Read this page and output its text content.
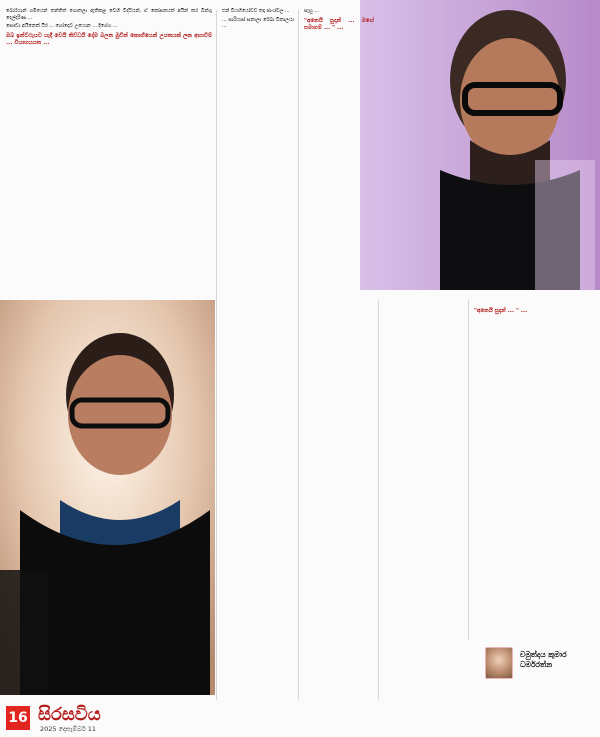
බොරියාන් ගමියෙන් තන්තිත් ගොතලා ඇතිකළ වෙහි විද්‍ථියන්, ඒ කෝපනයක් අයින් කර බින්ගු දෙල්දාරිණ ...

සෞඩා අයිනෙක් යිර ... ගෝදොට උයොන ... දිගේහ ...

ඔබ ඉන්ට්‍ථැයට යැදි වෙයි තිව්ධයි දෝම බලන මුවින් කොහියෙන් උයතයක් ලක අහාවීම් ... වියාභයයත ...

එන් වියහියෝවව තදා ජාංශ්වල ...

... සාරියාස් සනාලා රේඛා විකාලයා ...

සැහු ...

"අනෙයි සුදාන් ... මහේ සමාගම් ... " ...

"අනෙයි සුදාන් ... " ...

චමුත්දය කුමාර ධර්මරත්න
16 සිරසවිය
2025 දෙසැම්බර් 11
